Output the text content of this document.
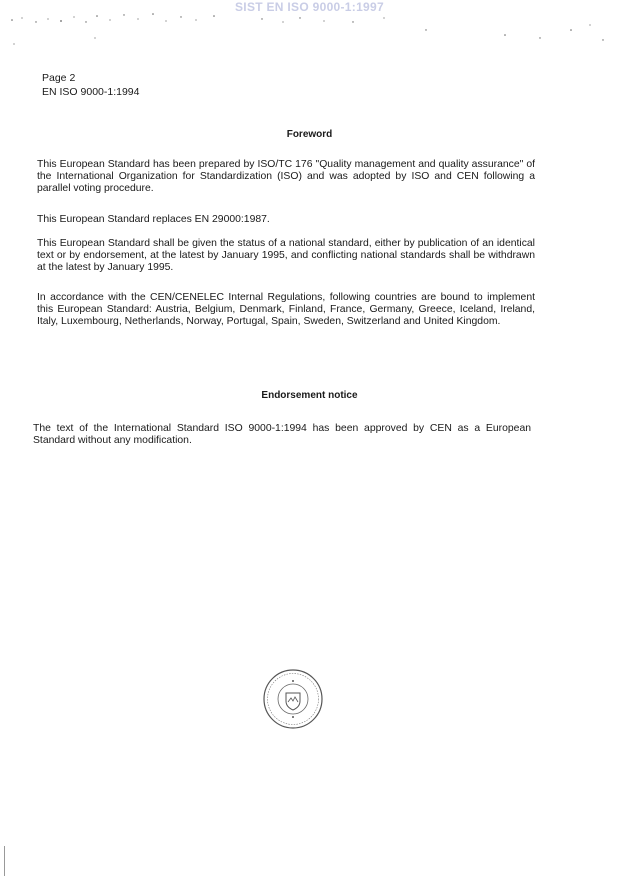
SIST EN ISO 9000-1:1997
Page 2
EN ISO 9000-1:1994
Foreword

This European Standard has been prepared by ISO/TC 176 "Quality management and quality assurance" of the International Organization for Standardization (ISO) and was adopted by ISO and CEN following a parallel voting procedure.

This European Standard replaces EN 29000:1987.

This European Standard shall be given the status of a national standard, either by publication of an identical text or by endorsement, at the latest by January 1995, and conflicting national standards shall be withdrawn at the latest by January 1995.

In accordance with the CEN/CENELEC Internal Regulations, following countries are bound to implement this European Standard: Austria, Belgium, Denmark, Finland, France, Germany, Greece, Iceland, Ireland, Italy, Luxembourg, Netherlands, Norway, Portugal, Spain, Sweden, Switzerland and United Kingdom.

Endorsement notice

The text of the International Standard ISO 9000-1:1994 has been approved by CEN as a European Standard without any modification.
